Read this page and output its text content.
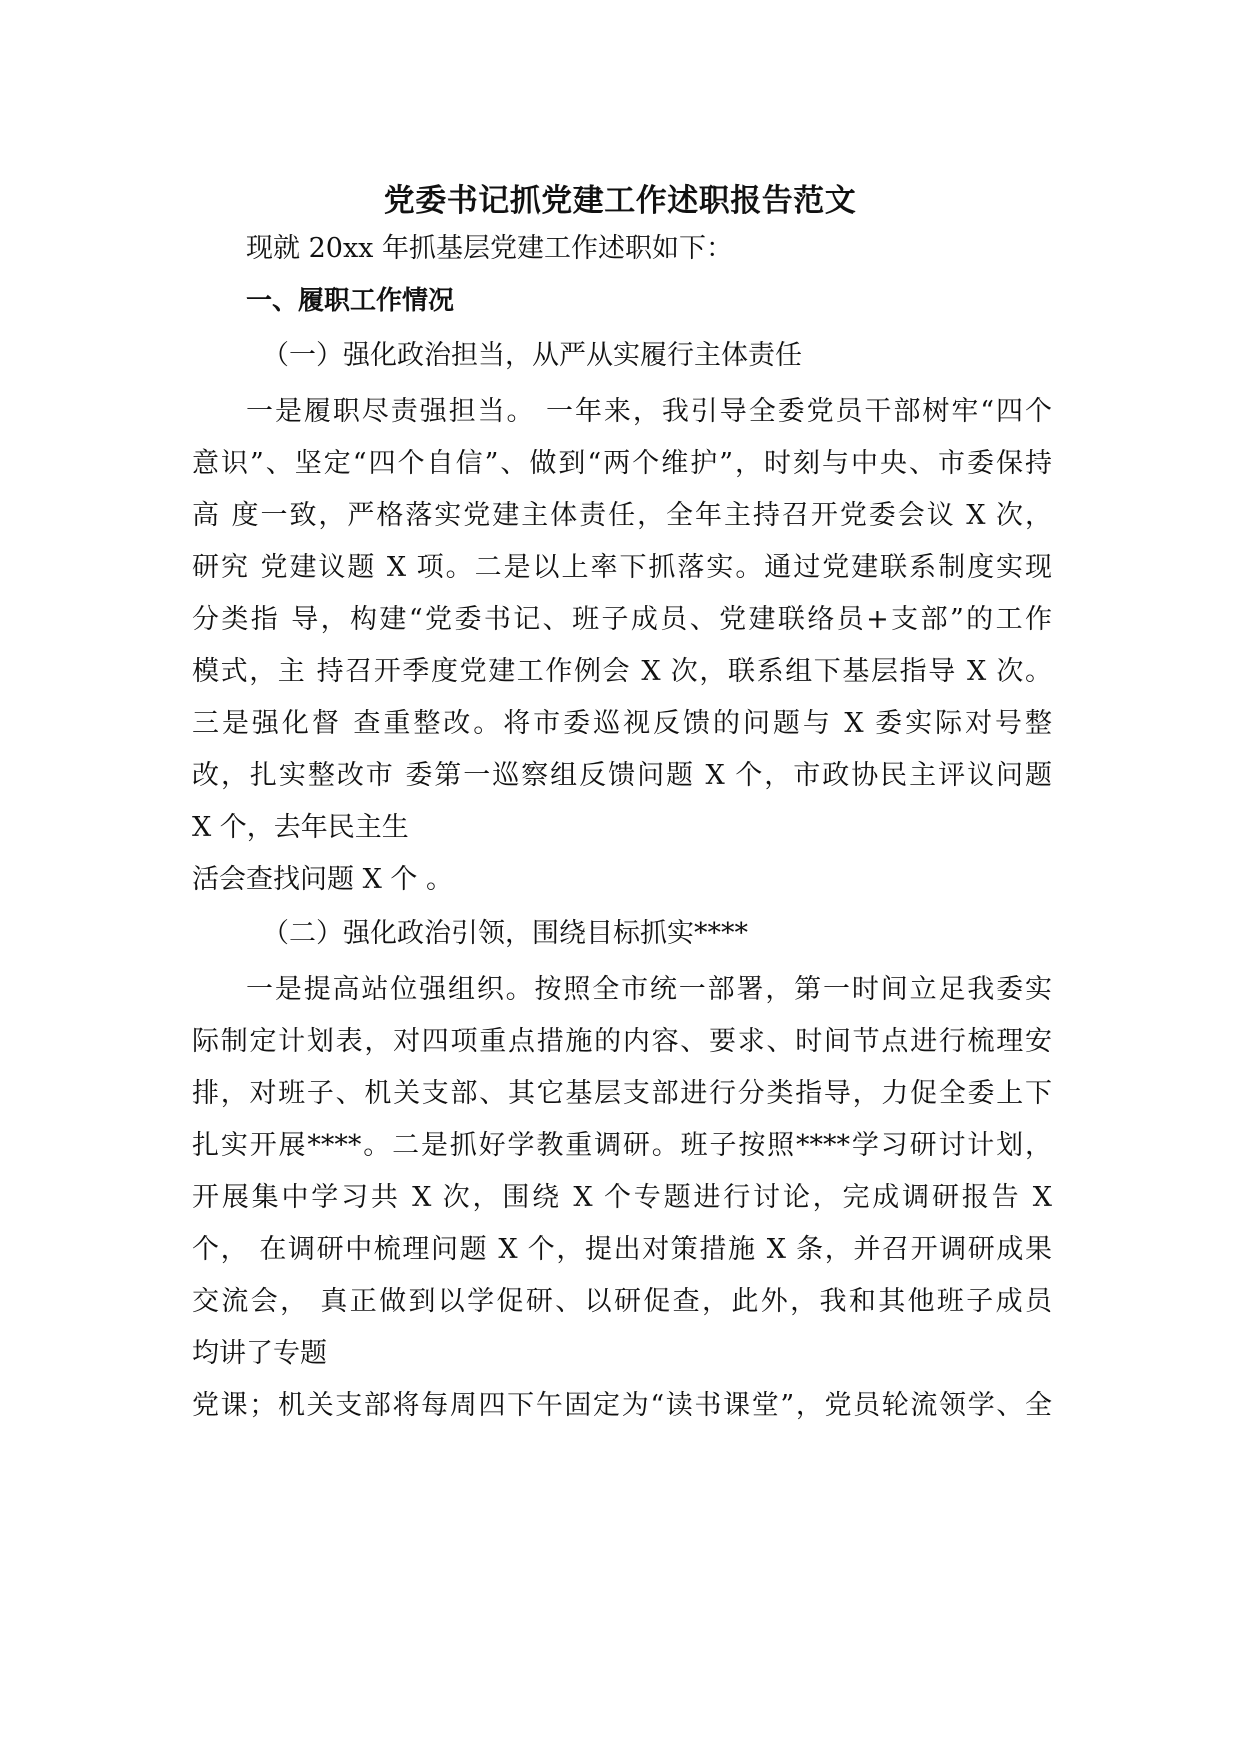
党委书记抓党建工作述职报告范文
现就 20xx 年抓基层党建工作述职如下：
一、履职工作情况
（一）强化政治担当，从严从实履行主体责任
一是履职尽责强担当。 一年来，我引导全委党员干部树牢“四个
意识”、坚定“四个自信”、做到“两个维护”，时刻与中央、市委保持
高 度一致，严格落实党建主体责任，全年主持召开党委会议 X 次，
研究 党建议题 X 项。二是以上率下抓落实。通过党建联系制度实现
分类指 导，构建“党委书记、班子成员、党建联络员+支部”的工作
模式，主 持召开季度党建工作例会 X 次，联系组下基层指导 X 次。
三是强化督 查重整改。将市委巡视反馈的问题与 X 委实际对号整
改，扎实整改市 委第一巡察组反馈问题 X 个，市政协民主评议问题
X 个，去年民主生
活会查找问题 X 个 。
（二）强化政治引领，围绕目标抓实****
一是提高站位强组织。按照全市统一部署，第一时间立足我委实
际制定计划表，对四项重点措施的内容、要求、时间节点进行梳理安
排，对班子、机关支部、其它基层支部进行分类指导，力促全委上下
扎实开展****。二是抓好学教重调研。班子按照****学习研讨计划，
开展集中学习共 X 次，围绕 X 个专题进行讨论，完成调研报告 X
个， 在调研中梳理问题 X 个，提出对策措施 X 条，并召开调研成果
交流会， 真正做到以学促研、以研促查，此外，我和其他班子成员
均讲了专题
党课；机关支部将每周四下午固定为“读书课堂”，党员轮流领学、全
